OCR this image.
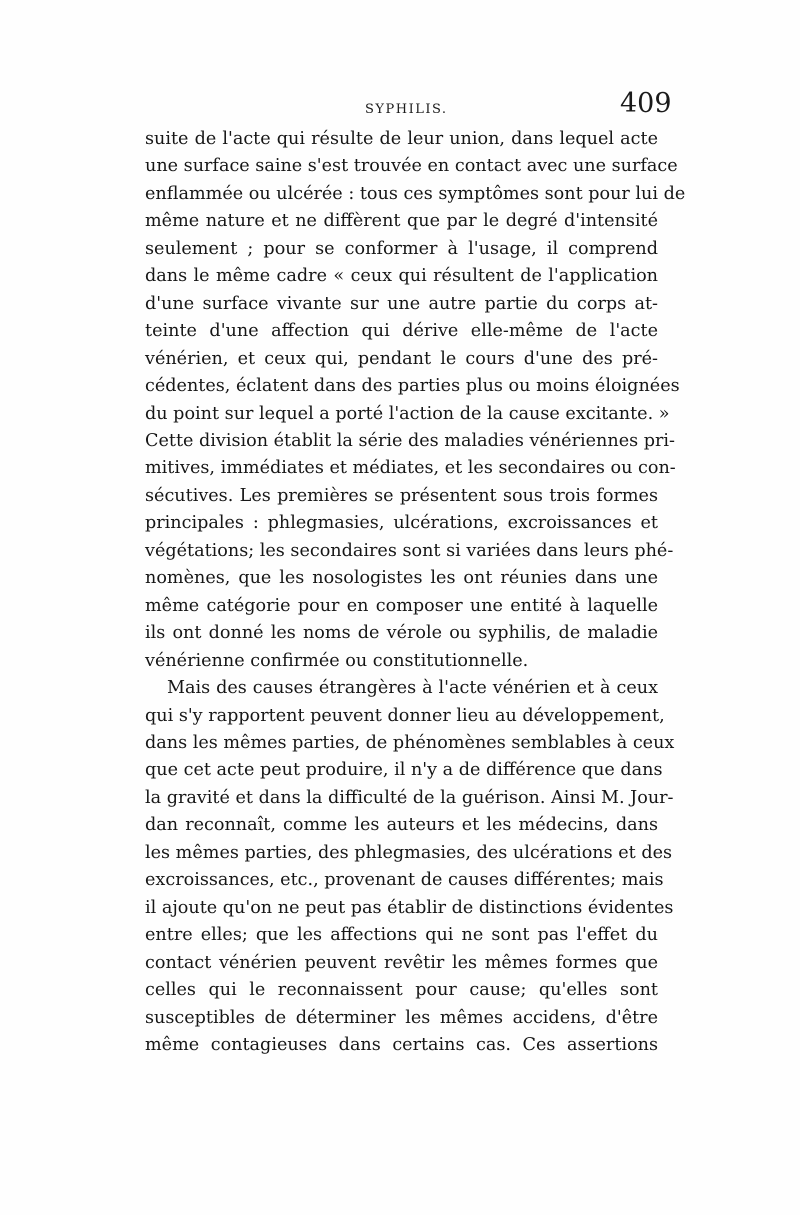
SYPHILIS.	409
suite de l'acte qui résulte de leur union, dans lequel acte
une surface saine s'est trouvée en contact avec une surface
enflammée ou ulcérée : tous ces symptômes sont pour lui de
même nature et ne diffèrent que par le degré d'intensité
seulement ; pour se conformer à l'usage, il comprend
dans le même cadre « ceux qui résultent de l'application
d'une surface vivante sur une autre partie du corps at-
teinte d'une affection qui dérive elle-même de l'acte
vénérien, et ceux qui, pendant le cours d'une des pré-
cédentes, éclatent dans des parties plus ou moins éloignées
du point sur lequel a porté l'action de la cause excitante. »
Cette division établit la série des maladies vénériennes pri-
mitives, immédiates et médiates, et les secondaires ou con-
sécutives. Les premières se présentent sous trois formes
principales : phlegmasies, ulcérations, excroissances et
végétations; les secondaires sont si variées dans leurs phé-
nomènes, que les nosologistes les ont réunies dans une
même catégorie pour en composer une entité à laquelle
ils ont donné les noms de vérole ou syphilis, de maladie
vénérienne confirmée ou constitutionnelle.
Mais des causes étrangères à l'acte vénérien et à ceux
qui s'y rapportent peuvent donner lieu au développement,
dans les mêmes parties, de phénomènes semblables à ceux
que cet acte peut produire, il n'y a de différence que dans
la gravité et dans la difficulté de la guérison. Ainsi M. Jour-
dan reconnaît, comme les auteurs et les médecins, dans
les mêmes parties, des phlegmasies, des ulcérations et des
excroissances, etc., provenant de causes différentes; mais
il ajoute qu'on ne peut pas établir de distinctions évidentes
entre elles; que les affections qui ne sont pas l'effet du
contact vénérien peuvent revêtir les mêmes formes que
celles qui le reconnaissent pour cause; qu'elles sont
susceptibles de déterminer les mêmes accidens, d'être
même contagieuses dans certains cas. Ces assertions
